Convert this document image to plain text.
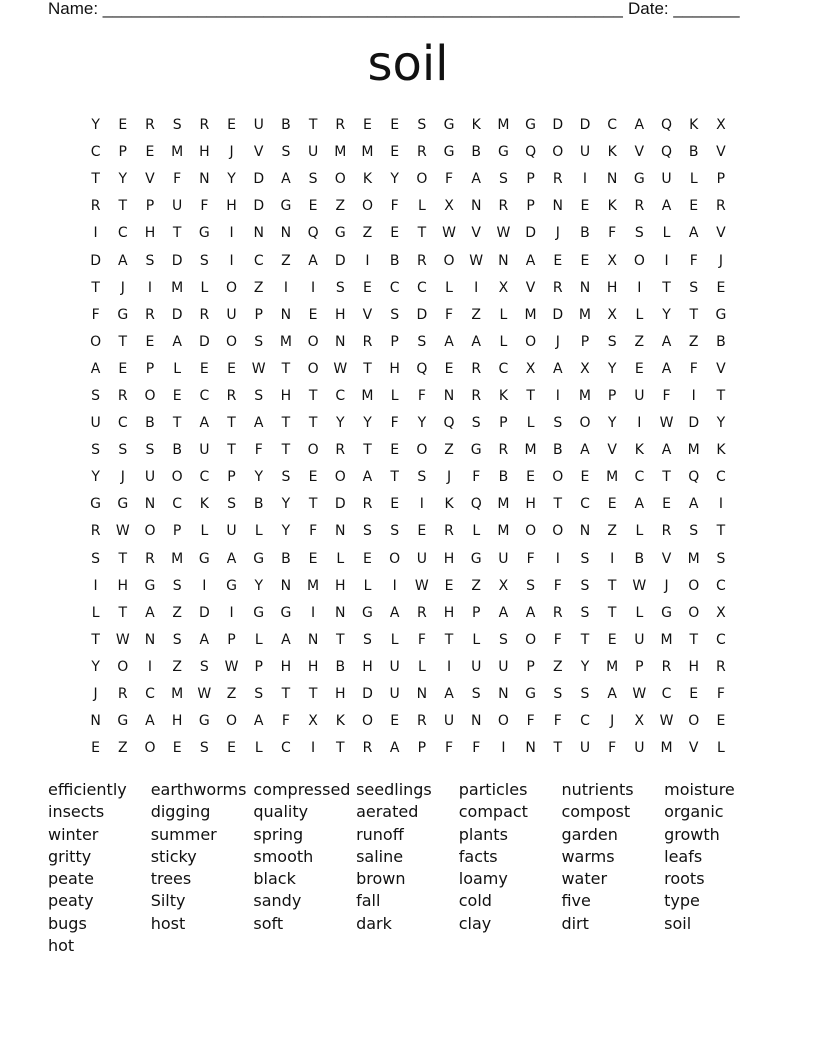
Name: _______________________________________________________ Date: _______
soil
Y	E	R	S	R	E	U	B	T	R	E	E	S	G	K	M	G	D	D	C	A	Q	K	X
C	P	E	M	H	J	V	S	U	M	M	E	R	G	B	G	Q	O	U	K	V	Q	B	V
T	Y	V	F	N	Y	D	A	S	O	K	Y	O	F	A	S	P	R	I	N	G	U	L	P
R	T	P	U	F	H	D	G	E	Z	O	F	L	X	N	R	P	N	E	K	R	A	E	R
I	C	H	T	G	I	N	N	Q	G	Z	E	T	W	V	W	D	J	B	F	S	L	A	V
D	A	S	D	S	I	C	Z	A	D	I	B	R	O	W	N	A	E	E	X	O	I	F	J
T	J	I	M	L	O	Z	I	I	S	E	C	C	L	I	X	V	R	N	H	I	T	S	E
F	G	R	D	R	U	P	N	E	H	V	S	D	F	Z	L	M	D	M	X	L	Y	T	G
O	T	E	A	D	O	S	M	O	N	R	P	S	A	A	L	O	J	P	S	Z	A	Z	B
A	E	P	L	E	E	W	T	O	W	T	H	Q	E	R	C	X	A	X	Y	E	A	F	V
S	R	O	E	C	R	S	H	T	C	M	L	F	N	R	K	T	I	M	P	U	F	I	T
U	C	B	T	A	T	A	T	T	Y	Y	F	Y	Q	S	P	L	S	O	Y	I	W	D	Y
S	S	S	B	U	T	F	T	O	R	T	E	O	Z	G	R	M	B	A	V	K	A	M	K
Y	J	U	O	C	P	Y	S	E	O	A	T	S	J	F	B	E	O	E	M	C	T	Q	C
G	G	N	C	K	S	B	Y	T	D	R	E	I	K	Q	M	H	T	C	E	A	E	A	I
R	W	O	P	L	U	L	Y	F	N	S	S	E	R	L	M	O	O	N	Z	L	R	S	T
S	T	R	M	G	A	G	B	E	L	E	O	U	H	G	U	F	I	S	I	B	V	M	S
I	H	G	S	I	G	Y	N	M	H	L	I	W	E	Z	X	S	F	S	T	W	J	O	C
L	T	A	Z	D	I	G	G	I	N	G	A	R	H	P	A	A	R	S	T	L	G	O	X
T	W	N	S	A	P	L	A	N	T	S	L	F	T	L	S	O	F	T	E	U	M	T	C
Y	O	I	Z	S	W	P	H	H	B	H	U	L	I	U	U	P	Z	Y	M	P	R	H	R
J	R	C	M	W	Z	S	T	T	H	D	U	N	A	S	N	G	S	S	A	W	C	E	F
N	G	A	H	G	O	A	F	X	K	O	E	R	U	N	O	F	F	C	J	X	W	O	E
E	Z	O	E	S	E	L	C	I	T	R	A	P	F	F	I	N	T	U	F	U	M	V	L
efficiently	earthworms compressed seedlings	particles	nutrients	moisture
insects	digging	quality	aerated	compact	compost	organic
winter	summer	spring	runoff	plants	garden	growth
gritty	sticky	smooth	saline	facts	warms	leafs
peate	trees	black	brown	loamy	water	roots
peaty	Silty	sandy	fall	cold	five	type
bugs	host	soft	dark	clay	dirt	soil
hot
